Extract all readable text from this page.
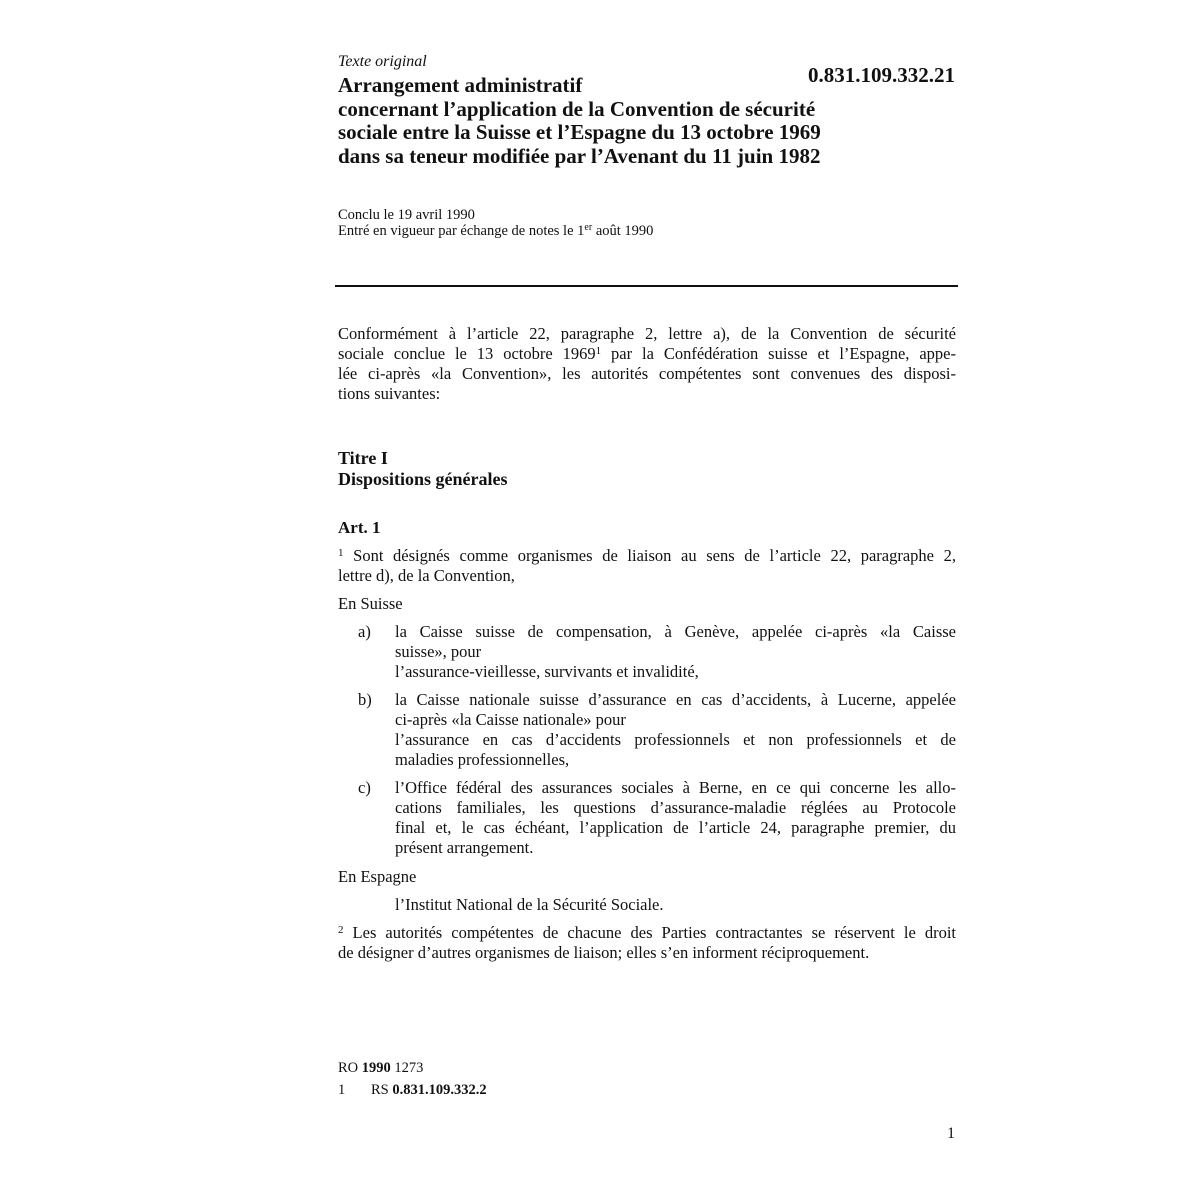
Texte original
0.831.109.332.21
Arrangement administratif
concernant l’application de la Convention de sécurité
sociale entre la Suisse et l’Espagne du 13 octobre 1969
dans sa teneur modifiée par l’Avenant du 11 juin 1982
Conclu le 19 avril 1990
Entré en vigueur par échange de notes le 1er août 1990
Conformément à l’article 22, paragraphe 2, lettre a), de la Convention de sécurité
sociale conclue le 13 octobre 1969$^1$ par la Confédération suisse et l’Espagne, appe-
lée ci-après «la Convention», les autorités compétentes sont convenues des disposi-
tions suivantes:
Titre I
Dispositions générales
Art. 1
$^1$ Sont désignés comme organismes de liaison au sens de l’article 22, paragraphe 2,
lettre d), de la Convention,
En Suisse
a) la Caisse suisse de compensation, à Genève, appelée ci-après «la Caisse
suisse», pour
l’assurance-vieillesse, survivants et invalidité,
b) la Caisse nationale suisse d’assurance en cas d’accidents, à Lucerne, appelée
ci-après «la Caisse nationale» pour
l’assurance en cas d’accidents professionnels et non professionnels et de
maladies professionnelles,
c) l’Office fédéral des assurances sociales à Berne, en ce qui concerne les allo-
cations familiales, les questions d’assurance-maladie réglées au Protocole
final et, le cas échéant, l’application de l’article 24, paragraphe premier, du
présent arrangement.
En Espagne
l’Institut National de la Sécurité Sociale.
$^2$ Les autorités compétentes de chacune des Parties contractantes se réservent le droit
de désigner d’autres organismes de liaison; elles s’en informent réciproquement.
RO 1990 1273
1 RS 0.831.109.332.2
1
